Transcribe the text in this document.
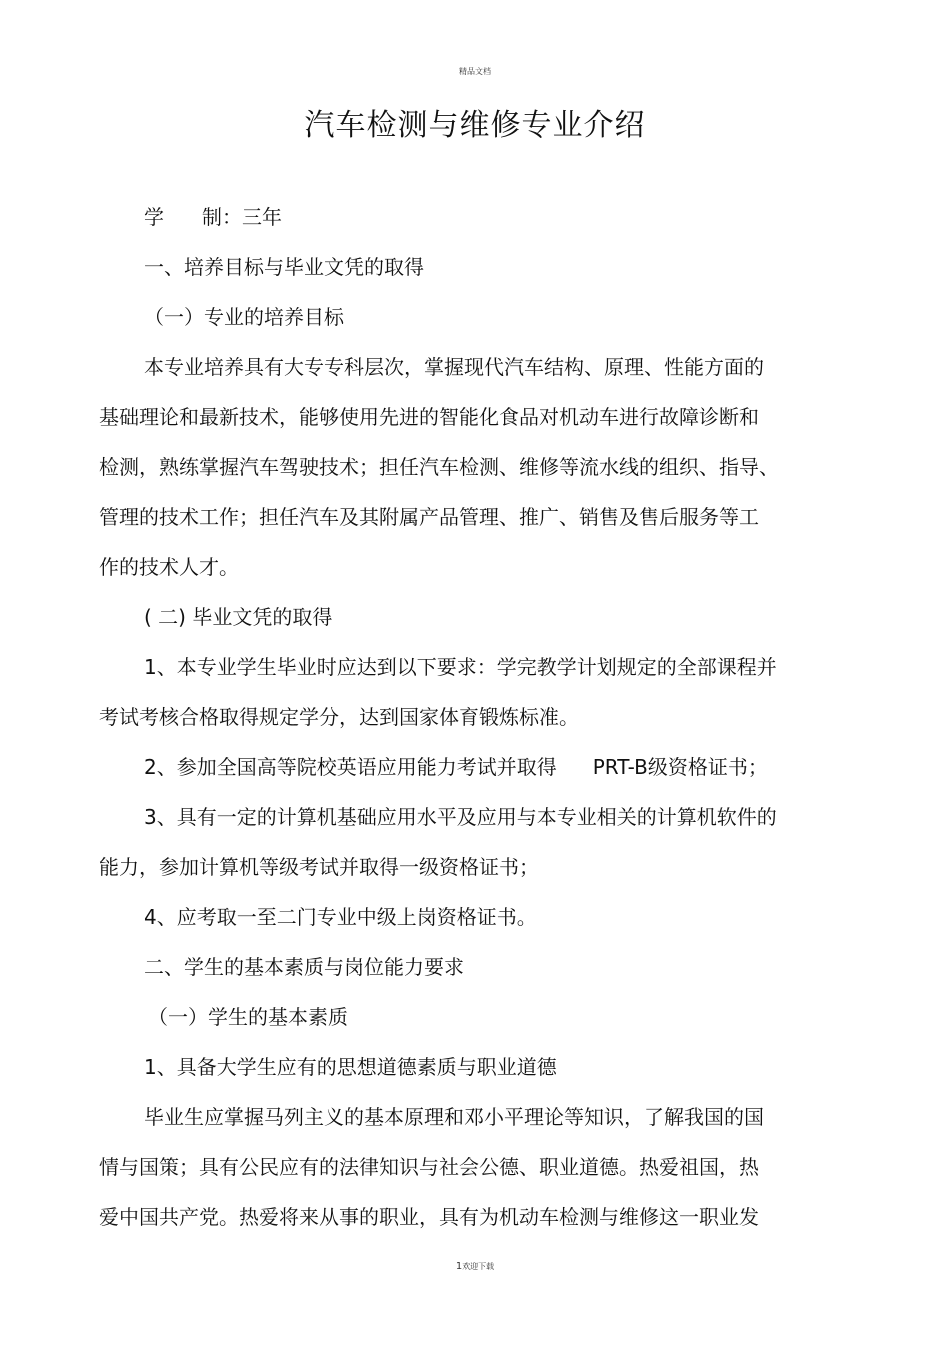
精品文档
汽车检测与维修专业介绍
学 制：三年
一、培养目标与毕业文凭的取得
（一）专业的培养目标
本专业培养具有大专专科层次，掌握现代汽车结构、原理、性能方面的
基础理论和最新技术，能够使用先进的智能化食品对机动车进行故障诊断和
检测，熟练掌握汽车驾驶技术；担任汽车检测、维修等流水线的组织、指导、
管理的技术工作；担任汽车及其附属产品管理、推广、销售及售后服务等工
作的技术人才。
( 二) 毕业文凭的取得
1、本专业学生毕业时应达到以下要求：学完教学计划规定的全部课程并
考试考核合格取得规定学分，达到国家体育锻炼标准。
2、参加全国高等院校英语应用能力考试并取得 PRT-B级资格证书；
3、具有一定的计算机基础应用水平及应用与本专业相关的计算机软件的
能力，参加计算机等级考试并取得一级资格证书；
4、应考取一至二门专业中级上岗资格证书。
二、学生的基本素质与岗位能力要求
（一）学生的基本素质
1、具备大学生应有的思想道德素质与职业道德
毕业生应掌握马列主义的基本原理和邓小平理论等知识，了解我国的国
情与国策；具有公民应有的法律知识与社会公德、职业道德。热爱祖国，热
爱中国共产党。热爱将来从事的职业，具有为机动车检测与维修这一职业发
1欢迎下载
